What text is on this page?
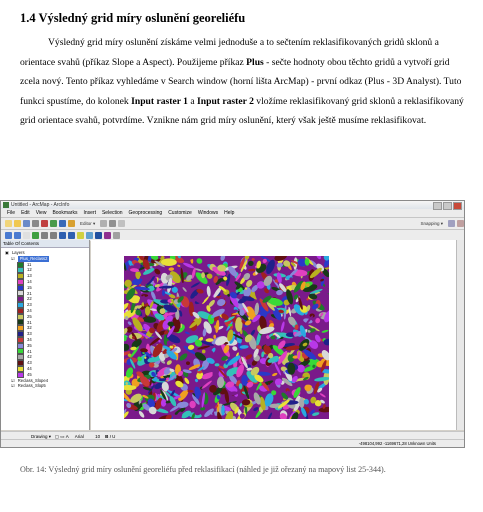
1.4 Výsledný grid míry oslunění georeliéfu
Výsledný grid míry oslunění získáme velmi jednoduše a to sečtením reklasifikovaných gridů sklonů a orientace svahů (příkaz Slope a Aspect). Použijeme příkaz Plus - sečte hodnoty obou těchto gridů a vytvoří grid zcela nový. Tento příkaz vyhledáme v Search window (horní lišta ArcMap) - první odkaz (Plus - 3D Analyst). Tuto funkci spustíme, do kolonek Input raster 1 a Input raster 2 vložíme reklasifikovaný grid sklonů a reklasifikovaný grid orientace svahů, potvrdíme. Vznikne nám grid míry oslunění, který však ještě musíme reklasifikovat.
Untitled - ArcMap - ArcInfo
File Edit View Bookmarks Insert Selection Geoprocessing Customize Windows Help
Editor ▾	Snapping ▾
Table Of Contents
▣ Layers
☑	Plus_Reclass2
11
12
13
14
15
21
22
23
24
25
31
32
33
34
35
41
42
43
44
45
☑ Reclass_Slope4
☑ Reclass_Slop5
Drawing ▾   ▢ ▭ A     Arial	10 B I U
-498104,992 -1169671,28 Unknown Units
Obr. 14: Výsledný grid míry oslunění georeliéfu před reklasifikací (náhled je již ořezaný na mapový list 25-344).
